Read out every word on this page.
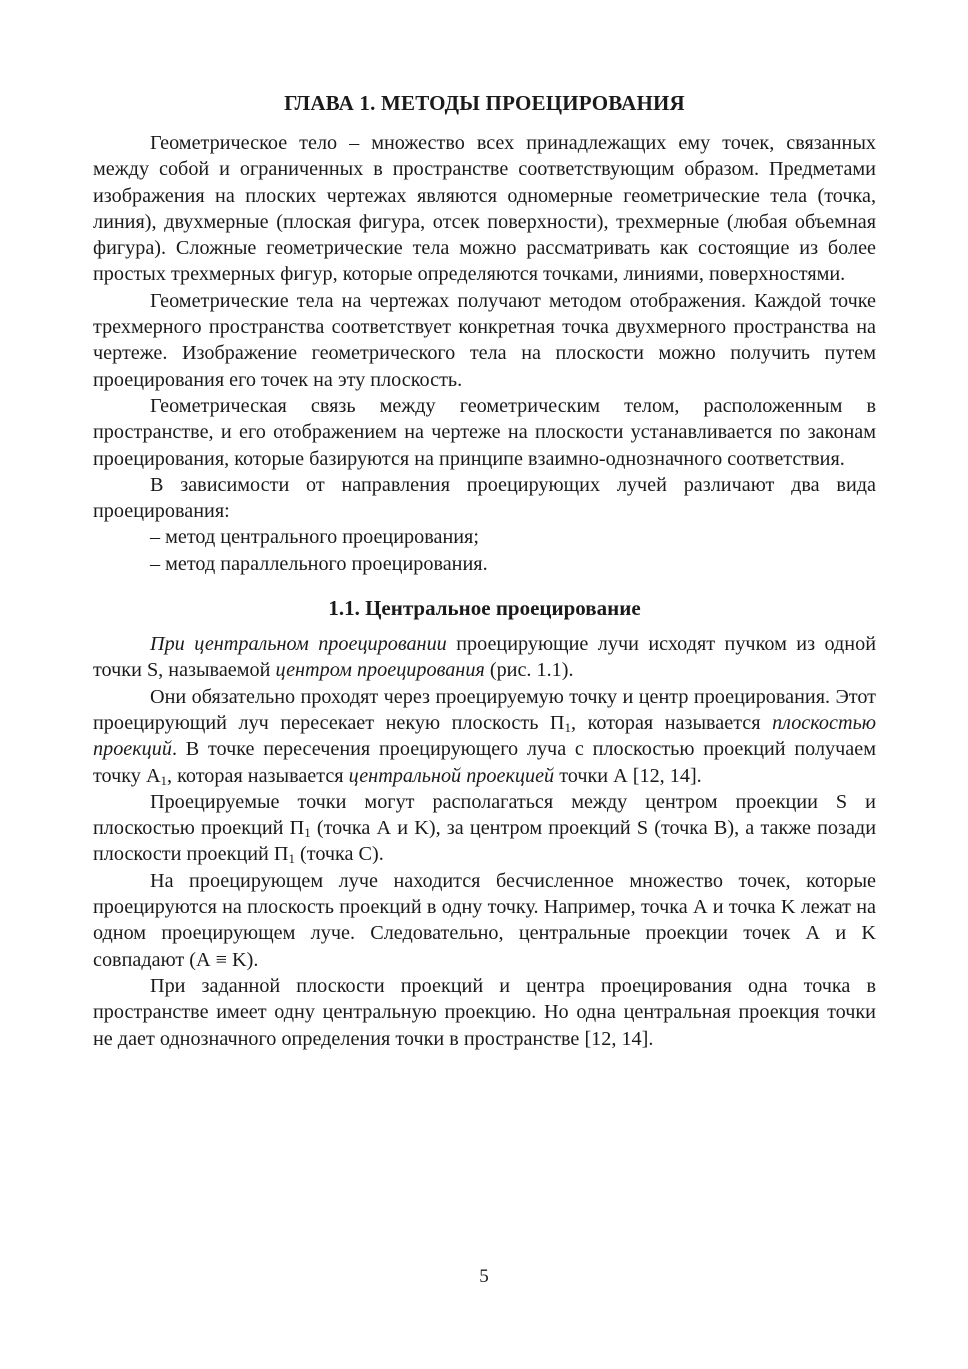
ГЛАВА 1. МЕТОДЫ ПРОЕЦИРОВАНИЯ

Геометрическое тело – множество всех принадлежащих ему точек, связанных между собой и ограниченных в пространстве соответствующим образом. Предметами изображения на плоских чертежах являются одномерные геометрические тела (точка, линия), двухмерные (плоская фигура, отсек поверхности), трехмерные (любая объемная фигура). Сложные геометрические тела можно рассматривать как состоящие из более простых трехмерных фигур, которые определяются точками, линиями, поверхностями.

Геометрические тела на чертежах получают методом отображения. Каждой точке трехмерного пространства соответствует конкретная точка двухмерного пространства на чертеже. Изображение геометрического тела на плоскости можно получить путем проецирования его точек на эту плоскость.

Геометрическая связь между геометрическим телом, расположенным в пространстве, и его отображением на чертеже на плоскости устанавливается по законам проецирования, которые базируются на принципе взаимно-однозначного соответствия.

В зависимости от направления проецирующих лучей различают два вида проецирования:

– метод центрального проецирования;

– метод параллельного проецирования.

1.1. Центральное проецирование

При центральном проецировании проецирующие лучи исходят пучком из одной точки S, называемой центром проецирования (рис. 1.1).

Они обязательно проходят через проецируемую точку и центр проецирования. Этот проецирующий луч пересекает некую плоскость $П_1$, которая называется плоскостью проекций. В точке пересечения проецирующего луча с плоскостью проекций получаем точку $А_1$, которая называется центральной проекцией точки А [12, 14].

Проецируемые точки могут располагаться между центром проекции S и плоскостью проекций $П_1$ (точка А и K), за центром проекций S (точка В), а также позади плоскости проекций $П_1$ (точка С).

На проецирующем луче находится бесчисленное множество точек, которые проецируются на плоскость проекций в одну точку. Например, точка А и точка K лежат на одном проецирующем луче. Следовательно, центральные проекции точек А и K совпадают (А ≡ K).

При заданной плоскости проекций и центра проецирования одна точка в пространстве имеет одну центральную проекцию. Но одна центральная проекция точки не дает однозначного определения точки в пространстве [12, 14].

5
